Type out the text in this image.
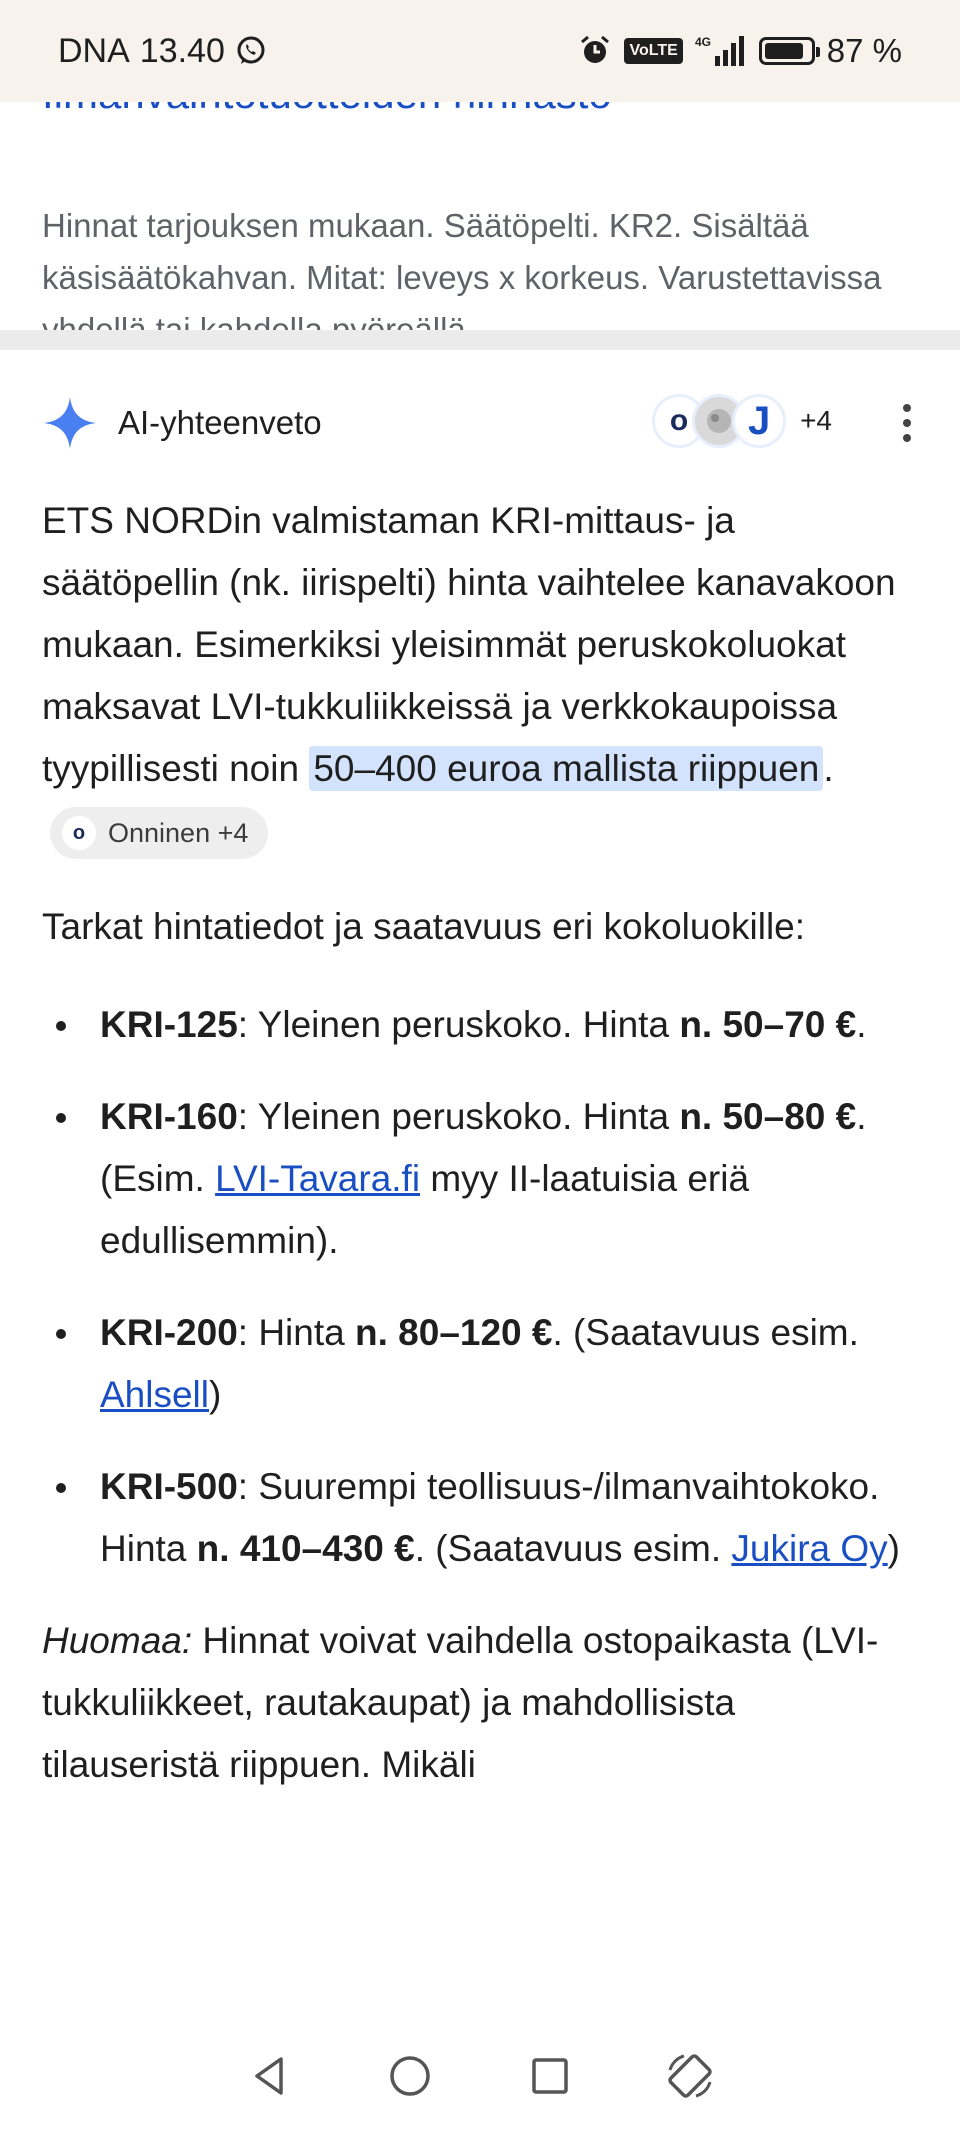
DNA 13.40	VoLTE	4G	87 %
Hinnat tarjouksen mukaan. Säätöpelti. KR2. Sisältää käsisäätökahvan. Mitat: leveys x korkeus. Varustettavissa
AI-yhteenveto	o	J	+4

ETS NORDin valmistaman KRI-mittaus- ja säätöpellin (nk. iirispelti) hinta vaihtelee kanavakoon mukaan. Esimerkiksi yleisimmät peruskokoluokat maksavat LVI-tukkuliikkeissä ja verkkokaupoissa tyypillisesti noin 50–400 euroa mallista riippuen .
o Onninen +4

Tarkat hintatiedot ja saatavuus eri kokoluokille:

KRI-125: Yleinen peruskoko. Hinta n. 50–70 €.
KRI-160: Yleinen peruskoko. Hinta n. 50–80 €. (Esim. LVI-Tavara.fi myy II-laatuisia eriä edullisemmin).
KRI-200: Hinta n. 80–120 €. (Saatavuus esim. Ahlsell)
KRI-500: Suurempi teollisuus-/ilmanvaihtokoko. Hinta n. 410–430 €. (Saatavuus esim. Jukira Oy)

Huomaa: Hinnat voivat vaihdella ostopaikasta (LVI-tukkuliikkeet, rautakaupat) ja mahdollisista tilauseristä riippuen. Mikäli
